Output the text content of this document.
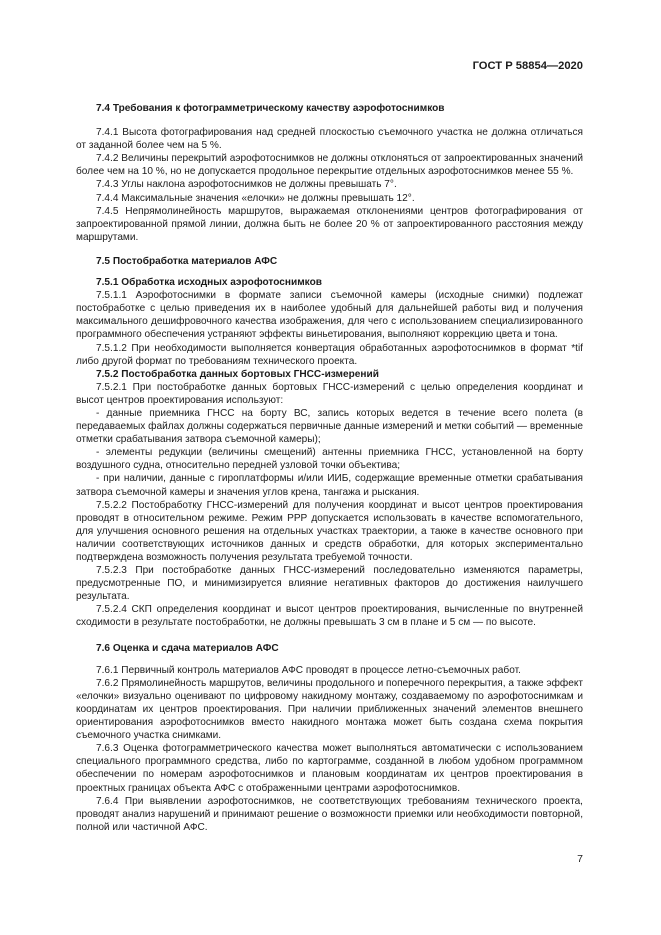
ГОСТ Р 58854—2020
7.4 Требования к фотограмметрическому качеству аэрофотоснимков

7.4.1 Высота фотографирования над средней плоскостью съемочного участка не должна отличаться от заданной более чем на 5 %.

7.4.2 Величины перекрытий аэрофотоснимков не должны отклоняться от запроектированных значений более чем на 10 %, но не допускается продольное перекрытие отдельных аэрофотоснимков менее 55 %.

7.4.3 Углы наклона аэрофотоснимков не должны превышать 7°.

7.4.4 Максимальные значения «елочки» не должны превышать 12°.

7.4.5 Непрямолинейность маршрутов, выражаемая отклонениями центров фотографирования от запроектированной прямой линии, должна быть не более 20 % от запроектированного расстояния между маршрутами.

7.5 Постобработка материалов АФС
7.5.1 Обработка исходных аэрофотоснимков

7.5.1.1 Аэрофотоснимки в формате записи съемочной камеры (исходные снимки) подлежат постобработке с целью приведения их в наиболее удобный для дальнейшей работы вид и получения максимального дешифровочного качества изображения, для чего с использованием специализированного программного обеспечения устраняют эффекты виньетирования, выполняют коррекцию цвета и тона.

7.5.1.2 При необходимости выполняется конвертация обработанных аэрофотоснимков в формат *tif либо другой формат по требованиям технического проекта.

7.5.2 Постобработка данных бортовых ГНСС-измерений

7.5.2.1 При постобработке данных бортовых ГНСС-измерений с целью определения координат и высот центров проектирования используют:

- данные приемника ГНСС на борту ВС, запись которых ведется в течение всего полета (в передаваемых файлах должны содержаться первичные данные измерений и метки событий — временные отметки срабатывания затвора съемочной камеры);

- элементы редукции (величины смещений) антенны приемника ГНСС, установленной на борту воздушного судна, относительно передней узловой точки объектива;

- при наличии, данные с гироплатформы и/или ИИБ, содержащие временные отметки срабатывания затвора съемочной камеры и значения углов крена, тангажа и рыскания.

7.5.2.2 Постобработку ГНСС-измерений для получения координат и высот центров проектирования проводят в относительном режиме. Режим PPP допускается использовать в качестве вспомогательного, для улучшения основного решения на отдельных участках траектории, а также в качестве основного при наличии соответствующих источников данных и средств обработки, для которых экспериментально подтверждена возможность получения результата требуемой точности.

7.5.2.3 При постобработке данных ГНСС-измерений последовательно изменяются параметры, предусмотренные ПО, и минимизируется влияние негативных факторов до достижения наилучшего результата.

7.5.2.4 СКП определения координат и высот центров проектирования, вычисленные по внутренней сходимости в результате постобработки, не должны превышать 3 см в плане и 5 см — по высоте.

7.6 Оценка и сдача материалов АФС

7.6.1 Первичный контроль материалов АФС проводят в процессе летно-съемочных работ.

7.6.2 Прямолинейность маршрутов, величины продольного и поперечного перекрытия, а также эффект «елочки» визуально оценивают по цифровому накидному монтажу, создаваемому по аэрофотоснимкам и координатам их центров проектирования. При наличии приближенных значений элементов внешнего ориентирования аэрофотоснимков вместо накидного монтажа может быть создана схема покрытия съемочного участка снимками.

7.6.3 Оценка фотограмметрического качества может выполняться автоматически с использованием специального программного средства, либо по картограмме, созданной в любом удобном программном обеспечении по номерам аэрофотоснимков и плановым координатам их центров проектирования в проектных границах объекта АФС с отображенными центрами аэрофотоснимков.

7.6.4 При выявлении аэрофотоснимков, не соответствующих требованиям технического проекта, проводят анализ нарушений и принимают решение о возможности приемки или необходимости повторной, полной или частичной АФС.

7
